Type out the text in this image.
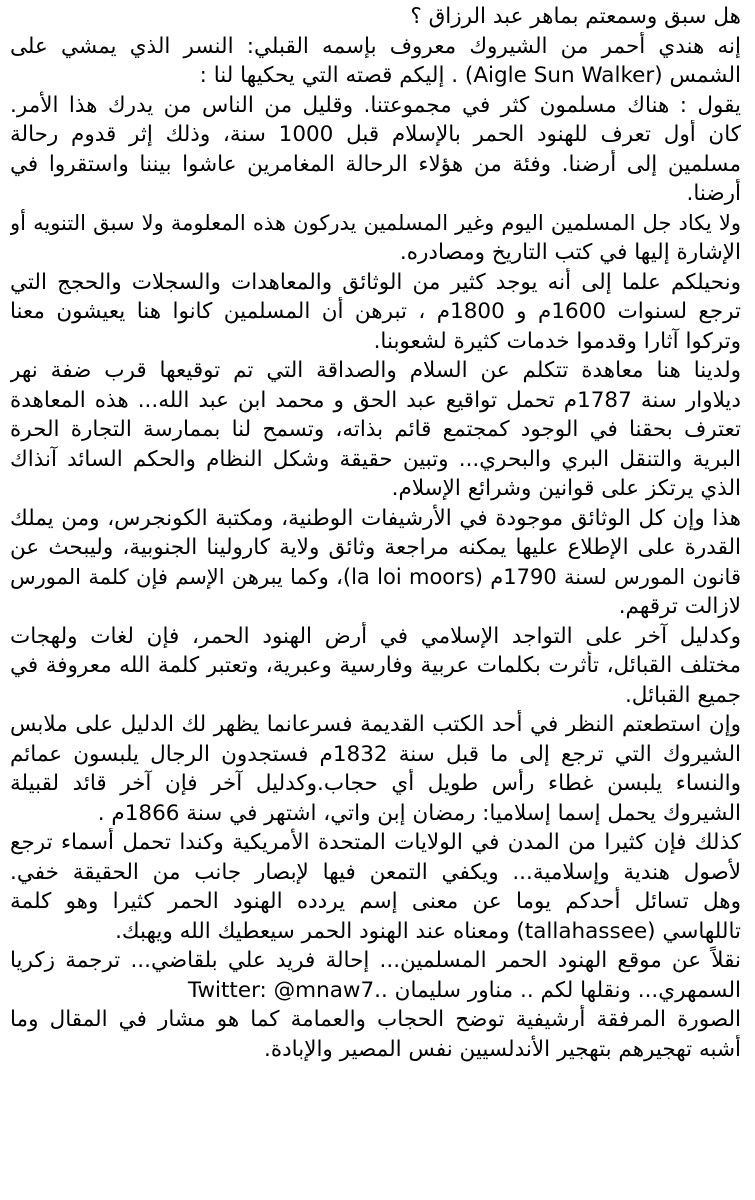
هل سبق وسمعتم بماهر عبد الرزاق ؟
إنه هندي أحمر من الشيروك معروف بإسمه القبلي: النسر الذي يمشي على
الشمس (Aigle Sun Walker) . إليكم قصته التي يحكيها لنا :
يقول : هناك مسلمون كثر في مجموعتنا. وقليل من الناس من يدرك هذا الأمر.
كان أول تعرف للهنود الحمر بالإسلام قبل 1000 سنة، وذلك إثر قدوم رحالة
مسلمين إلى أرضنا. وفئة من هؤلاء الرحالة المغامرين عاشوا بيننا واستقروا في
أرضنا.
ولا يكاد جل المسلمين اليوم وغير المسلمين يدركون هذه المعلومة ولا سبق التنويه أو
الإشارة إليها في كتب التاريخ ومصادره.
ونحيلكم علما إلى أنه يوجد كثير من الوثائق والمعاهدات والسجلات والحجج التي
ترجع لسنوات 1600م و 1800م ، تبرهن أن المسلمين كانوا هنا يعيشون معنا
وتركوا آثارا وقدموا خدمات كثيرة لشعوبنا.
ولدينا هنا معاهدة تتكلم عن السلام والصداقة التي تم توقيعها قرب ضفة نهر
ديلاوار سنة 1787م تحمل تواقيع عبد الحق و محمد ابن عبد الله... هذه المعاهدة
تعترف بحقنا في الوجود كمجتمع قائم بذاته، وتسمح لنا بممارسة التجارة الحرة
البرية والتنقل البري والبحري... وتبين حقيقة وشكل النظام والحكم السائد آنذاك
الذي يرتكز على قوانين وشرائع الإسلام.
هذا وإن كل الوثائق موجودة في الأرشيفات الوطنية، ومكتبة الكونجرس، ومن يملك
القدرة على الإطلاع عليها يمكنه مراجعة وثائق ولاية كارولينا الجنوبية، وليبحث عن
قانون المورس لسنة 1790م (la loi moors)، وكما يبرهن الإسم فإن كلمة المورس
لازالت ترقهم.
وكدليل آخر على التواجد الإسلامي في أرض الهنود الحمر، فإن لغات ولهجات
مختلف القبائل، تأثرت بكلمات عربية وفارسية وعبرية، وتعتبر كلمة الله معروفة في
جميع القبائل.
وإن استطعتم النظر في أحد الكتب القديمة فسرعانما يظهر لك الدليل على ملابس
الشيروك التي ترجع إلى ما قبل سنة 1832م فستجدون الرجال يلبسون عمائم
والنساء يلبسن غطاء رأس طويل أي حجاب.وكدليل آخر فإن آخر قائد لقبيلة
الشيروك يحمل إسما إسلاميا: رمضان إبن واتي، اشتهر في سنة 1866م .
كذلك فإن كثيرا من المدن في الولايات المتحدة الأمريكية وكندا تحمل أسماء ترجع
لأصول هندية وإسلامية... ويكفي التمعن فيها لإبصار جانب من الحقيقة خفي.
وهل تسائل أحدكم يوما عن معنى إسم يردده الهنود الحمر كثيرا وهو كلمة
تاللهاسي (tallahassee) ومعناه عند الهنود الحمر سيعطيك الله ويهبك.
نقلاً عن موقع الهنود الحمر المسلمين... إحالة فريد علي بلقاضي... ترجمة زكريا
السمهري... ونقلها لكم .. مناور سليمان ..Twitter: @mnaw7
الصورة المرفقة أرشيفية توضح الحجاب والعمامة كما هو مشار في المقال وما
أشبه تهجيرهم بتهجير الأندلسيين نفس المصير والإبادة.
